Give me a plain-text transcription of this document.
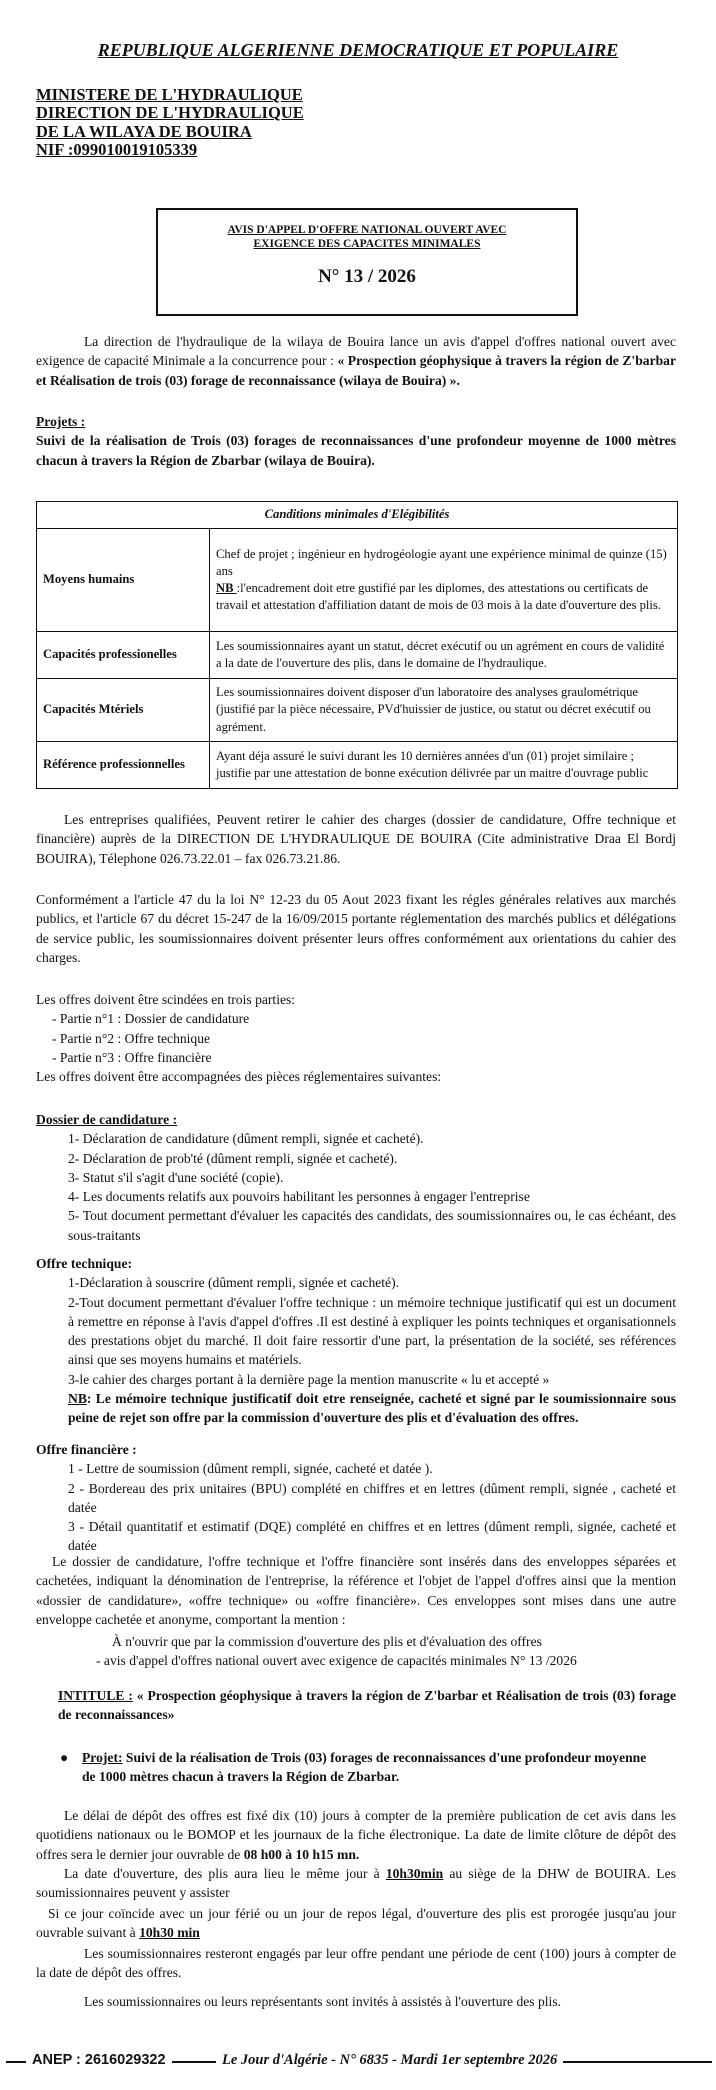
REPUBLIQUE ALGERIENNE DEMOCRATIQUE ET POPULAIRE
MINISTERE DE L'HYDRAULIQUE
DIRECTION DE L'HYDRAULIQUE
DE LA WILAYA DE BOUIRA
NIF :099010019105339
AVIS D'APPEL D'OFFRE NATIONAL OUVERT AVEC
EXIGENCE DES CAPACITES MINIMALES
N° 13 / 2026
La direction de l'hydraulique de la wilaya de Bouira lance un avis d'appel d'offres national ouvert avec exigence de capacité Minimale a la concurrence pour : « Prospection géophysique à travers la région de Z'barbar et Réalisation de trois (03) forage de reconnaissance (wilaya de Bouira) ».
Projets :
Suivi de la réalisation de Trois (03) forages de reconnaissances d'une profondeur moyenne de 1000 mètres chacun à travers la Région de Zbarbar (wilaya de Bouira).
Canditions minimales d'Elégibilités	
Moyens humains	Chef de projet ; ingénieur en hydrogéologie ayant une expérience minimal de quinze (15) ans
NB :l'encadrement doit etre gustifié par les diplomes, des attestations ou certificats de travail et attestation d'affiliation datant de mois de 03 mois à la date d'ouverture des plis.

Capacités professionelles	Les soumissionnaires ayant un statut, décret exécutif ou un agrément en cours de validité a la date de l'ouverture des plis, dans le domaine de l'hydraulique.
Capacités Mtériels	Les soumissionnaires doivent disposer d'un laboratoire des analyses graulométrique (justifié par la pièce nécessaire, PVd'huissier de justice, ou statut ou décret exécutif ou agrément.
Référence professionnelles	Ayant déja assuré le suivi durant les 10 dernières années d'un (01) projet similaire ; justifie par une attestation de bonne exécution délivrée par un maitre d'ouvrage public
Les entreprises qualifiées, Peuvent retirer le cahier des charges (dossier de candidature, Offre technique et financière) auprès de la DIRECTION DE L'HYDRAULIQUE DE BOUIRA (Cite administrative Draa El Bordj BOUIRA), Télephone 026.73.22.01 – fax 026.73.21.86.
Conformément a l'article 47 du la loi N° 12-23 du 05 Aout 2023 fixant les régles générales relatives aux marchés publics, et l'article 67 du décret 15-247 de la 16/09/2015 portante réglementation des marchés publics et délégations de service public, les soumissionnaires doivent présenter leurs offres conformément aux orientations du cahier des charges.
Les offres doivent être scindées en trois parties:
- Partie n°1 : Dossier de candidature
- Partie n°2 : Offre technique
- Partie n°3 : Offre financière
Les offres doivent être accompagnées des pièces réglementaires suivantes:
Dossier de candidature :
1- Déclaration de candidature (dûment rempli, signée et cacheté).
2- Déclaration de prob'té (dûment rempli, signée et cacheté).
3- Statut s'il s'agit d'une société (copie).
4- Les documents relatifs aux pouvoirs habilitant les personnes à engager l'entreprise
5- Tout document permettant d'évaluer les capacités des candidats, des soumissionnaires ou, le cas échéant, des sous-traitants
Offre technique:
1-Déclaration à souscrire (dûment rempli, signée et cacheté).
2-Tout document permettant d'évaluer l'offre technique : un mémoire technique justificatif qui est un document à remettre en réponse à l'avis d'appel d'offres .Il est destiné à expliquer les points techniques et organisationnels des prestations objet du marché. Il doit faire ressortir d'une part, la présentation de la société, ses références ainsi que ses moyens humains et matériels.
3-le cahier des charges portant à la dernière page la mention manuscrite « lu et accepté »
NB: Le mémoire technique justificatif doit etre renseignée, cacheté et signé par le soumissionnaire sous peine de rejet son offre par la commission d'ouverture des plis et d'évaluation des offres.
Offre financière :
1 - Lettre de soumission (dûment rempli, signée, cacheté et datée ).
2 - Bordereau des prix unitaires (BPU) complété en chiffres et en lettres (dûment rempli, signée , cacheté et datée
3 - Détail quantitatif et estimatif (DQE) complété en chiffres et en lettres (dûment rempli, signée, cacheté et datée
Le dossier de candidature, l'offre technique et l'offre financière sont insérés dans des enveloppes séparées et cachetées, indiquant la dénomination de l'entreprise, la référence et l'objet de l'appel d'offres ainsi que la mention «dossier de candidature», «offre technique» ou «offre financière». Ces enveloppes sont mises dans une autre enveloppe cachetée et anonyme, comportant la mention :
À n'ouvrir que par la commission d'ouverture des plis et d'évaluation des offres
- avis d'appel d'offres national ouvert avec exigence de capacités minimales N° 13 /2026
INTITULE : « Prospection géophysique à travers la région de Z'barbar et Réalisation de trois (03) forage de reconnaissances»
●	Projet: Suivi de la réalisation de Trois (03) forages de reconnaissances d'une profondeur moyenne de 1000 mètres chacun à travers la Région de Zbarbar.
Le délai de dépôt des offres est fixé dix (10) jours à compter de la première publication de cet avis dans les quotidiens nationaux ou le BOMOP et les journaux de la fiche électronique. La date de limite clôture de dépôt des offres sera le dernier jour ouvrable de 08 h00 à 10 h15 mn.
La date d'ouverture, des plis aura lieu le même jour à 10h30min au siège de la DHW de BOUIRA. Les soumissionnaires peuvent y assister
Si ce jour coïncide avec un jour férié ou un jour de repos légal, d'ouverture des plis est prorogée jusqu'au jour ouvrable suivant à 10h30 min
Les soumissionnaires resteront engagés par leur offre pendant une période de cent (100) jours à compter de la date de dépôt des offres.
Les soumissionnaires ou leurs représentants sont invités à assistés à l'ouverture des plis.
ANEP : 2616029322	Le Jour d'Algérie - N° 6835 - Mardi 1er septembre 2026
